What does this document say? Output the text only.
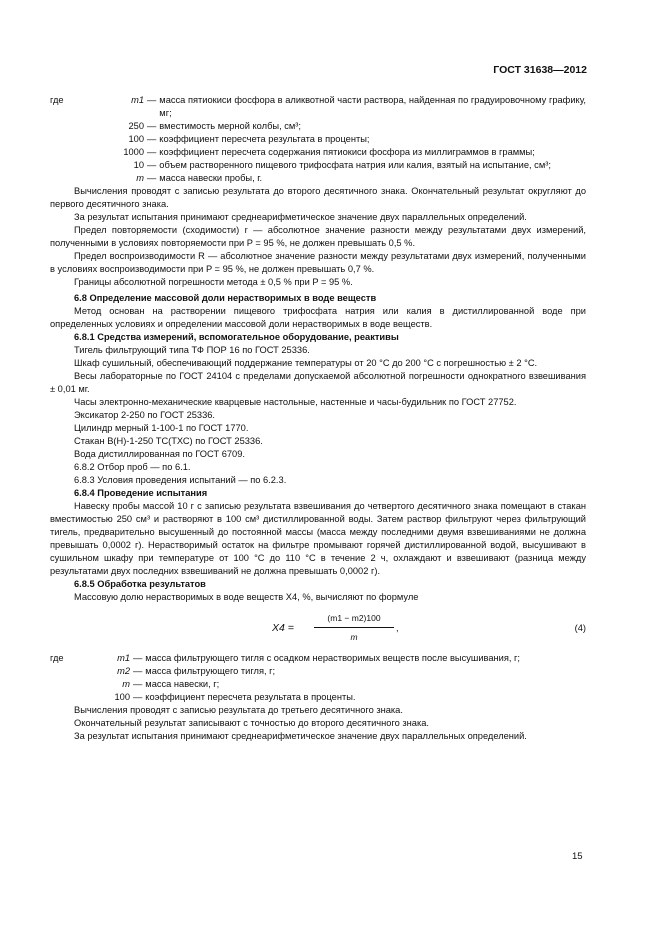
ГОСТ 31638—2012
где	m1 — масса пятиокиси фосфора в аликвотной части раствора, найденная по градуировочному графику, мг;
250 — вместимость мерной колбы, см³;
100 — коэффициент пересчета результата в проценты;
1000 — коэффициент пересчета содержания пятиокиси фосфора из миллиграммов в граммы;
10 — объем растворенного пищевого трифосфата натрия или калия, взятый на испытание, см³;
m — масса навески пробы, г.

Вычисления проводят с записью результата до второго десятичного знака. Окончательный результат округляют до первого десятичного знака.

За результат испытания принимают среднеарифметическое значение двух параллельных определений.

Предел повторяемости (сходимости) r — абсолютное значение разности между результатами двух измерений, полученными в условиях повторяемости при P = 95 %, не должен превышать 0,5 %.

Предел воспроизводимости R — абсолютное значение разности между результатами двух измерений, полученными в условиях воспроизводимости при P = 95 %, не должен превышать 0,7 %.

Границы абсолютной погрешности метода ± 0,5 % при P = 95 %.

6.8 Определение массовой доли нерастворимых в воде веществ

Метод основан на растворении пищевого трифосфата натрия или калия в дистиллированной воде при определенных условиях и определении массовой доли нерастворимых в воде веществ.

6.8.1 Средства измерений, вспомогательное оборудование, реактивы

Тигель фильтрующий типа ТФ ПОР 16 по ГОСТ 25336.

Шкаф сушильный, обеспечивающий поддержание температуры от 20 °С до 200 °С с погрешностью ± 2 °С.

Весы лабораторные по ГОСТ 24104 с пределами допускаемой абсолютной погрешности однократного взвешивания ± 0,01 мг.

Часы электронно-механические кварцевые настольные, настенные и часы-будильник по ГОСТ 27752.

Эксикатор 2-250 по ГОСТ 25336.

Цилиндр мерный 1-100-1 по ГОСТ 1770.

Стакан В(Н)-1-250 ТС(ТХС) по ГОСТ 25336.

Вода дистиллированная по ГОСТ 6709.

6.8.2 Отбор проб — по 6.1.

6.8.3 Условия проведения испытаний — по 6.2.3.

6.8.4 Проведение испытания

Навеску пробы массой 10 г с записью результата взвешивания до четвертого десятичного знака помещают в стакан вместимостью 250 см³ и растворяют в 100 см³ дистиллированной воды. Затем раствор фильтруют через фильтрующий тигель, предварительно высушенный до постоянной массы (масса между последними двумя взвешиваниями не должна превышать 0,0002 г). Нерастворимый остаток на фильтре промывают горячей дистиллированной водой, высушивают в сушильном шкафу при температуре от 100 °С до 110 °С в течение 2 ч, охлаждают и взвешивают (разница между результатами двух последних взвешиваний не должна превышать 0,0002 г).

6.8.5 Обработка результатов

Массовую долю нерастворимых в воде веществ X4, %, вычисляют по формуле

$X4 = \frac{(m1 - m2)100}{m}$ ,	(4)
где	m1 — масса фильтрующего тигля с осадком нерастворимых веществ после высушивания, г;
m2 — масса фильтрующего тигля, г;
m — масса навески, г;
100 — коэффициент пересчета результата в проценты.

Вычисления проводят с записью результата до третьего десятичного знака.

Окончательный результат записывают с точностью до второго десятичного знака.

За результат испытания принимают среднеарифметическое значение двух параллельных определений.

15
